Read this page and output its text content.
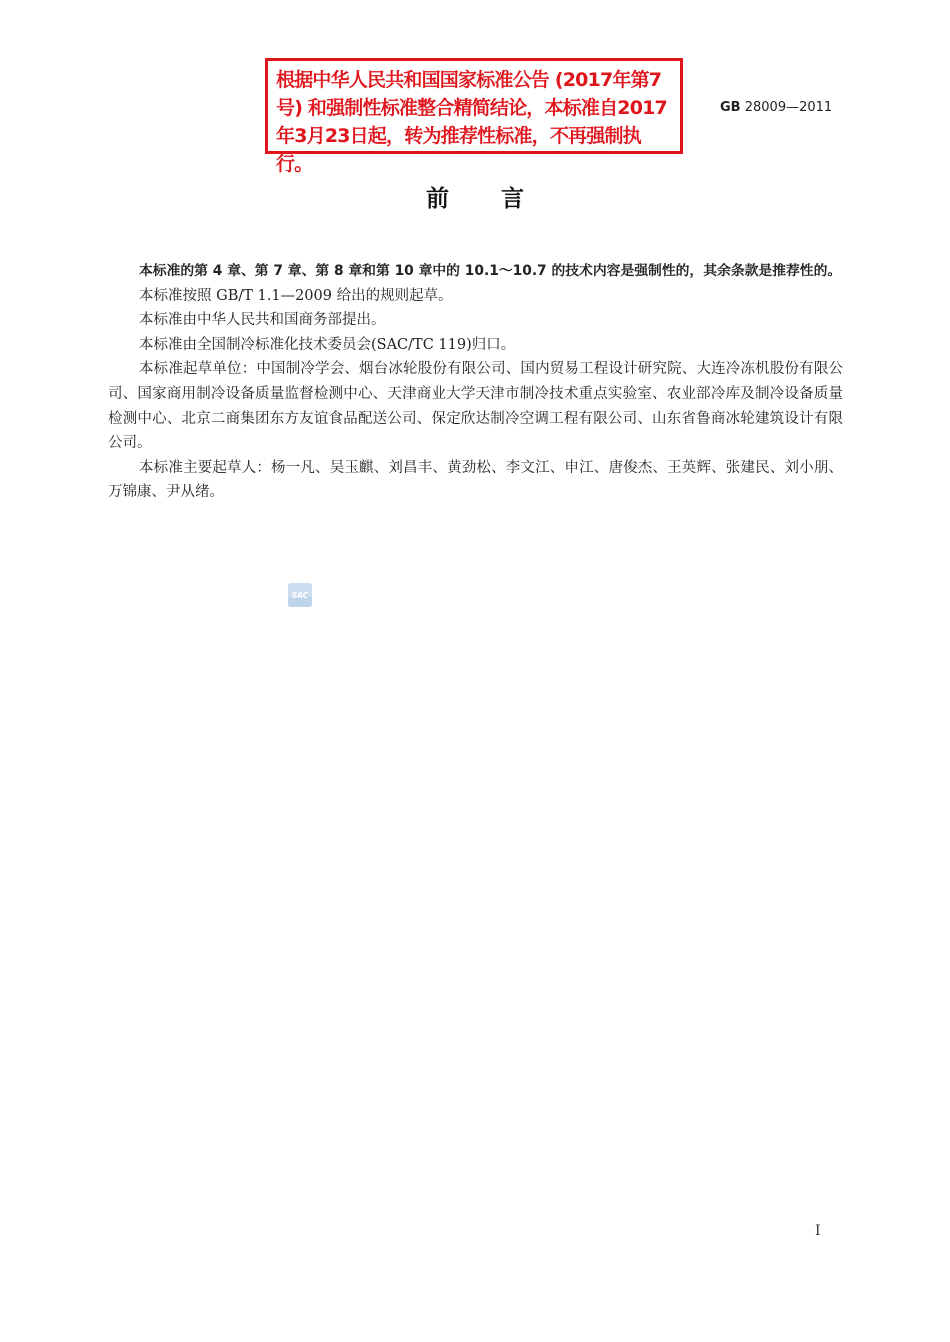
根据中华人民共和国国家标准公告 (2017年第7号) 和强制性标准整合精简结论，本标准自2017年3月23日起，转为推荐性标准，不再强制执行。
GB 28009—2011
前言

本标准的第 4 章、第 7 章、第 8 章和第 10 章中的 10.1～10.7 的技术内容是强制性的，其余条款是推荐性的。

本标准按照 GB/T 1.1—2009 给出的规则起草。

本标准由中华人民共和国商务部提出。

本标准由全国制冷标准化技术委员会(SAC/TC 119)归口。

本标准起草单位：中国制冷学会、烟台冰轮股份有限公司、国内贸易工程设计研究院、大连冷冻机股份有限公司、国家商用制冷设备质量监督检测中心、天津商业大学天津市制冷技术重点实验室、农业部冷库及制冷设备质量检测中心、北京二商集团东方友谊食品配送公司、保定欣达制冷空调工程有限公司、山东省鲁商冰轮建筑设计有限公司。

本标准主要起草人：杨一凡、吴玉麒、刘昌丰、黄劲松、李文江、申江、唐俊杰、王英辉、张建民、刘小朋、万锦康、尹从绪。

SAC
I
